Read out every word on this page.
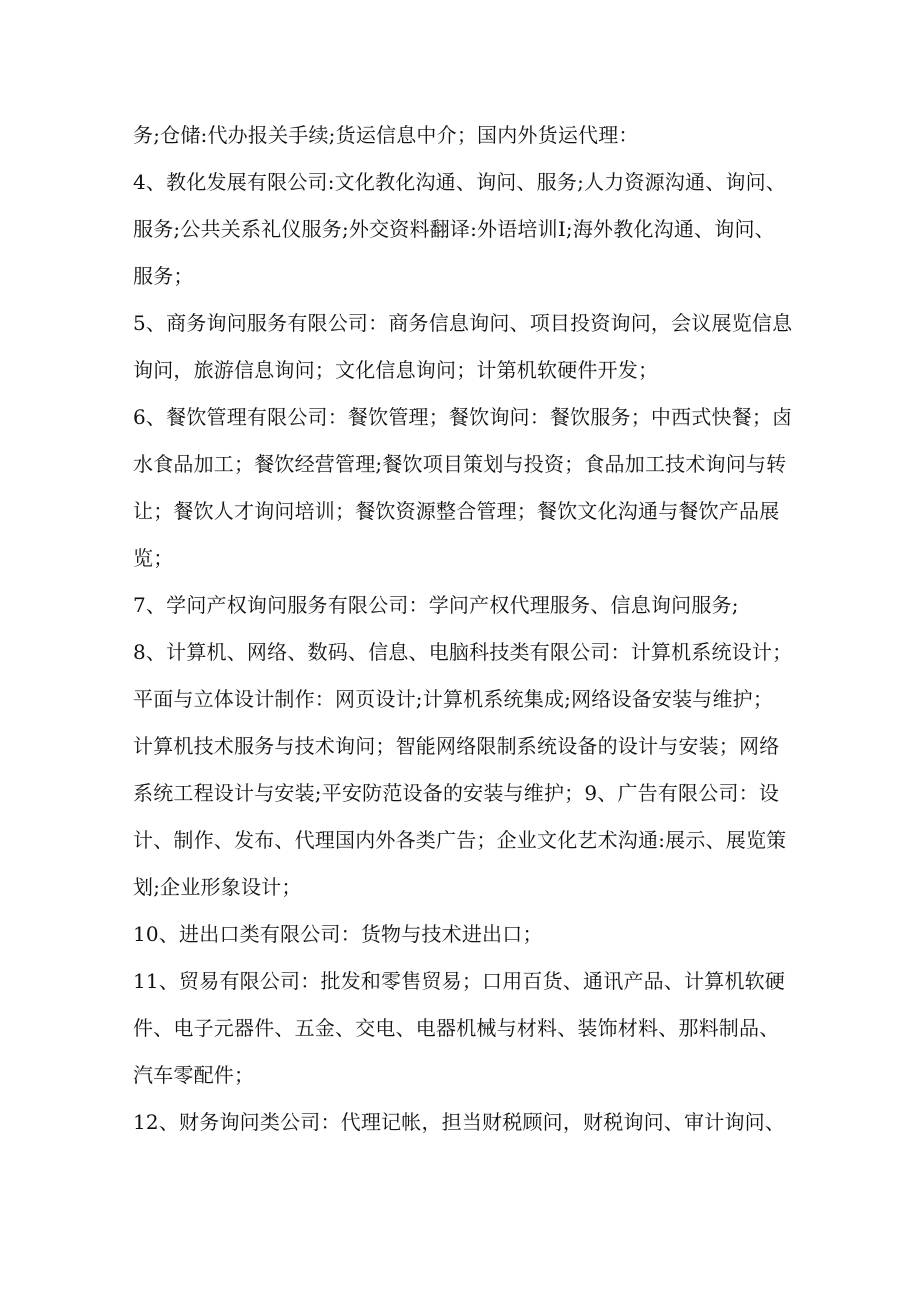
务;仓储:代办报关手续;货运信息中介；国内外货运代理：
4、教化发展有限公司:文化教化沟通、询问、服务;人力资源沟通、询问、
服务;公共关系礼仪服务;外交资料翻译:外语培训I;海外教化沟通、询问、
服务；
5、商务询问服务有限公司：商务信息询问、项目投资询问，会议展览信息
询问，旅游信息询问；文化信息询问；计第机软硬件开发；
6、餐饮管理有限公司：餐饮管理；餐饮询问：餐饮服务；中西式快餐；卤
水食品加工；餐饮经营管理;餐饮项目策划与投资；食品加工技术询问与转
让；餐饮人才询问培训；餐饮资源整合管理；餐饮文化沟通与餐饮产品展
览；
7、学问产权询问服务有限公司：学问产权代理服务、信息询问服务;
8、计算机、网络、数码、信息、电脑科技类有限公司：计算机系统设计；
平面与立体设计制作：网页设计;计算机系统集成;网络设备安装与维护；
计算机技术服务与技术询问；智能网络限制系统设备的设计与安装；网络
系统工程设计与安装;平安防范设备的安装与维护；9、广告有限公司：设
计、制作、发布、代理国内外各类广告；企业文化艺术沟通:展示、展览策
划;企业形象设计；
10、进出口类有限公司：货物与技术进出口；
11、贸易有限公司：批发和零售贸易；口用百货、通讯产品、计算机软硬
件、电子元器件、五金、交电、电器机械与材料、装饰材料、那料制品、
汽车零配件；
12、财务询问类公司：代理记帐，担当财税顾问，财税询问、审计询问、
